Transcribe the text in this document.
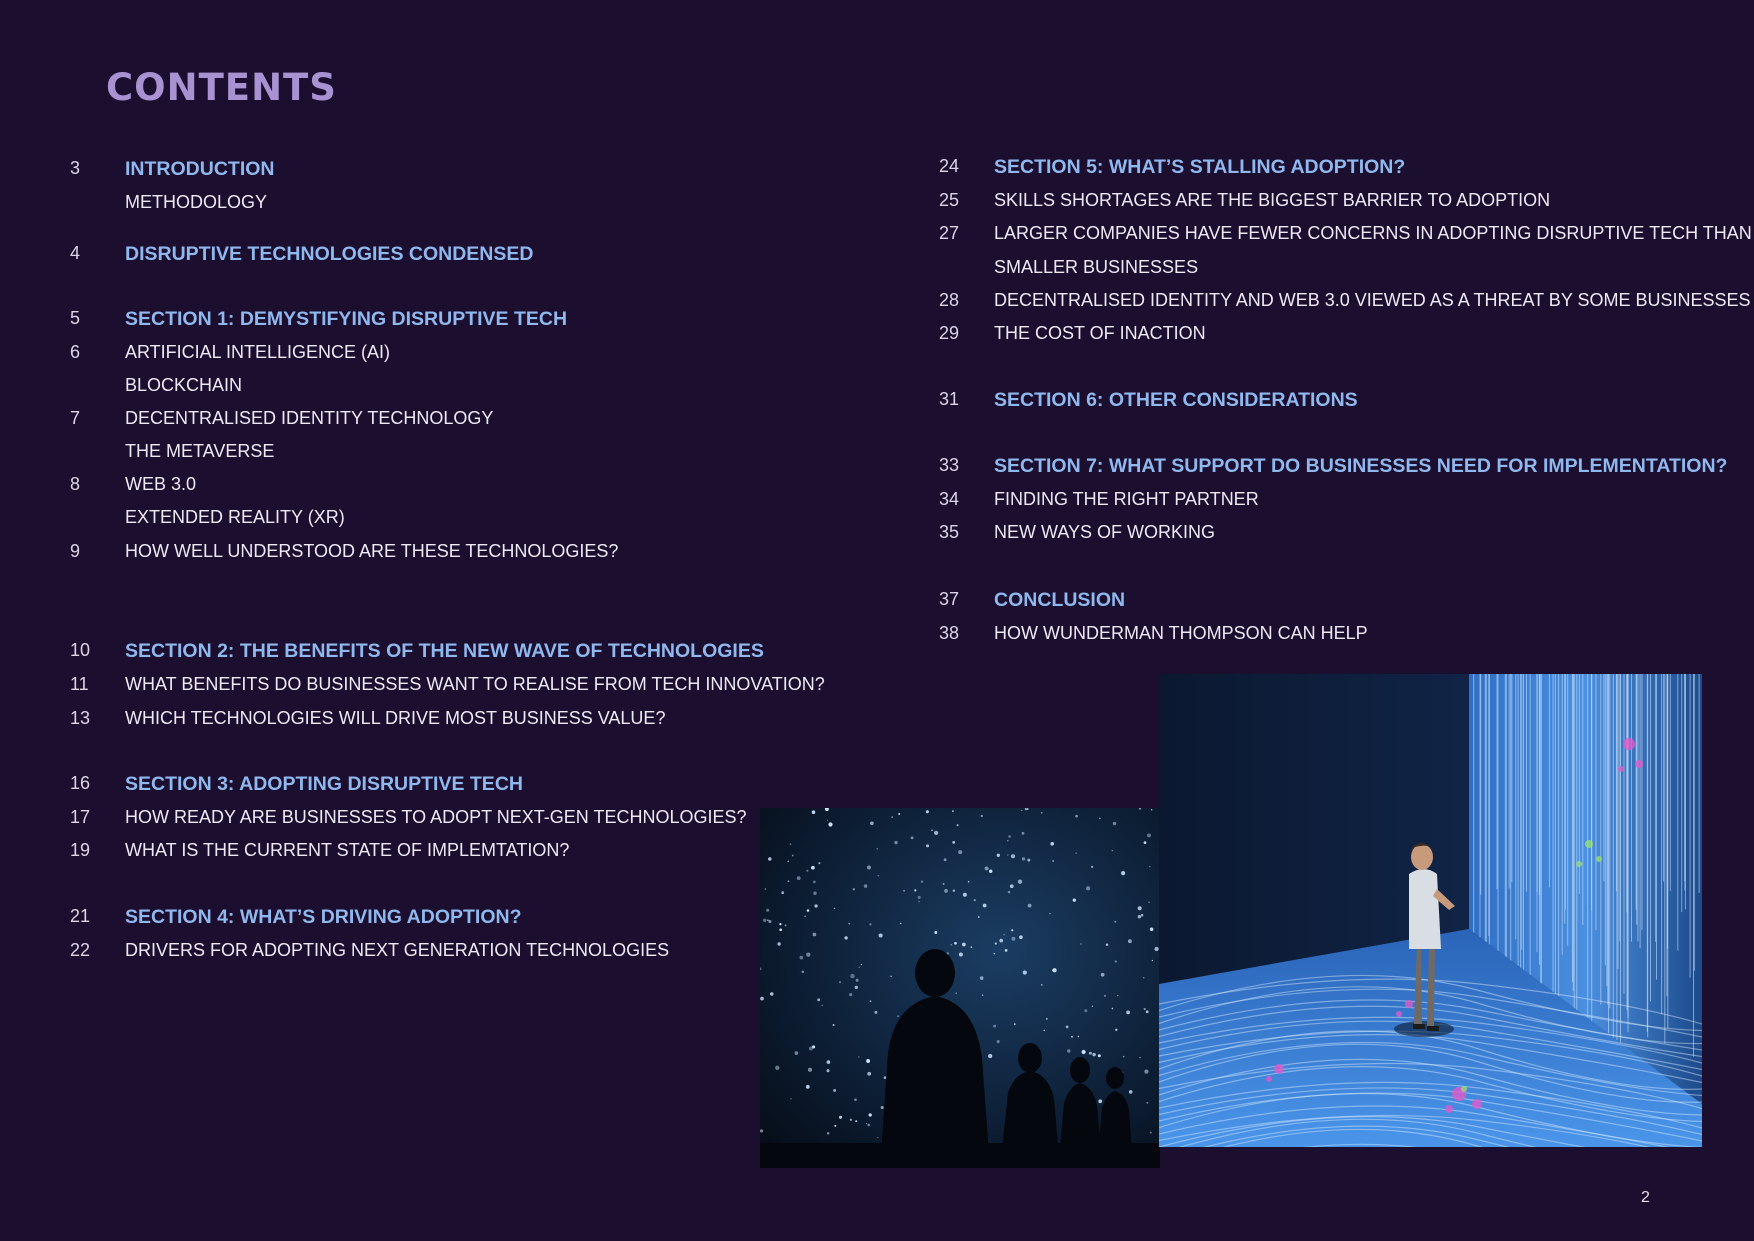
CONTENTS
3 INTRODUCTION
METHODOLOGY
4 DISRUPTIVE TECHNOLOGIES CONDENSED
5 SECTION 1: DEMYSTIFYING DISRUPTIVE TECH
6 ARTIFICIAL INTELLIGENCE (AI)
BLOCKCHAIN
7 DECENTRALISED IDENTITY TECHNOLOGY
THE METAVERSE
8 WEB 3.0
EXTENDED REALITY (XR)
9 HOW WELL UNDERSTOOD ARE THESE TECHNOLOGIES?
10 SECTION 2: THE BENEFITS OF THE NEW WAVE OF TECHNOLOGIES
11 WHAT BENEFITS DO BUSINESSES WANT TO REALISE FROM TECH INNOVATION?
13 WHICH TECHNOLOGIES WILL DRIVE MOST BUSINESS VALUE?
16 SECTION 3: ADOPTING DISRUPTIVE TECH
17 HOW READY ARE BUSINESSES TO ADOPT NEXT-GEN TECHNOLOGIES?
19 WHAT IS THE CURRENT STATE OF IMPLEMTATION?
21 SECTION 4: WHAT’S DRIVING ADOPTION?
22 DRIVERS FOR ADOPTING NEXT GENERATION TECHNOLOGIES
24 SECTION 5: WHAT’S STALLING ADOPTION?
25 SKILLS SHORTAGES ARE THE BIGGEST BARRIER TO ADOPTION
27 LARGER COMPANIES HAVE FEWER CONCERNS IN ADOPTING DISRUPTIVE TECH THAN
SMALLER BUSINESSES
28 DECENTRALISED IDENTITY AND WEB 3.0 VIEWED AS A THREAT BY SOME BUSINESSES
29 THE COST OF INACTION
31 SECTION 6: OTHER CONSIDERATIONS
33 SECTION 7: WHAT SUPPORT DO BUSINESSES NEED FOR IMPLEMENTATION?
34 FINDING THE RIGHT PARTNER
35 NEW WAYS OF WORKING
37 CONCLUSION
38 HOW WUNDERMAN THOMPSON CAN HELP
2
